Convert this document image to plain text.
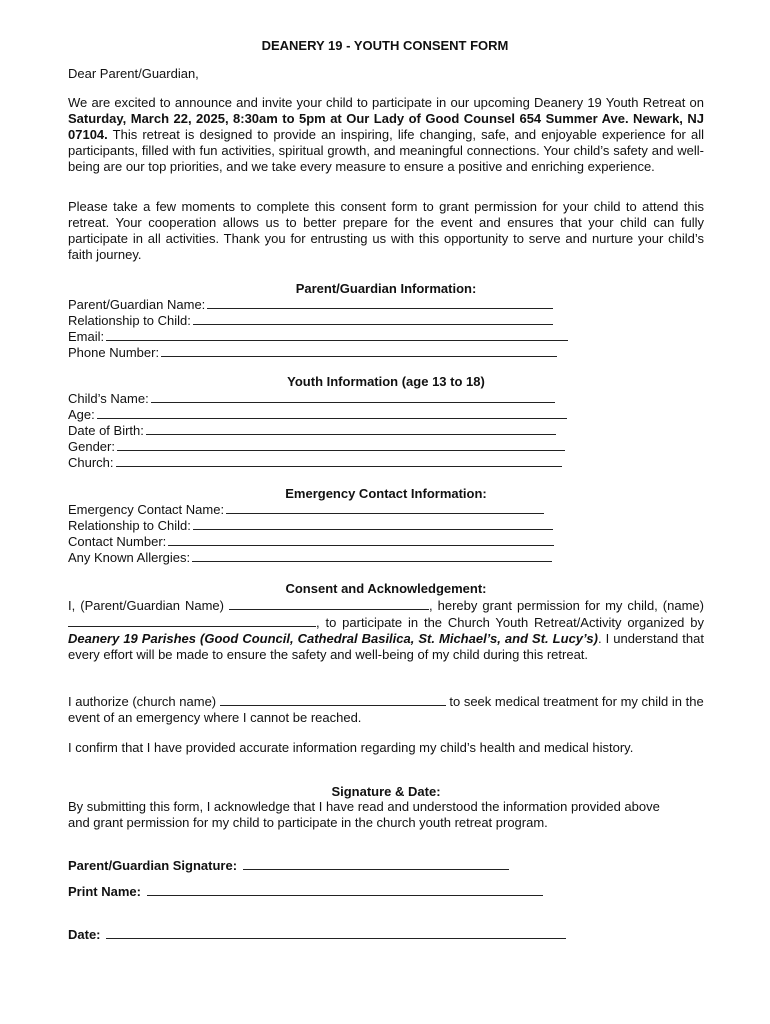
DEANERY 19 - YOUTH CONSENT FORM
Dear Parent/Guardian,
We are excited to announce and invite your child to participate in our upcoming Deanery 19 Youth Retreat on Saturday, March 22, 2025, 8:30am to 5pm at Our Lady of Good Counsel 654 Summer Ave. Newark, NJ 07104. This retreat is designed to provide an inspiring, life changing, safe, and enjoyable experience for all participants, filled with fun activities, spiritual growth, and meaningful connections. Your child’s safety and well-being are our top priorities, and we take every measure to ensure a positive and enriching experience.
Please take a few moments to complete this consent form to grant permission for your child to attend this retreat. Your cooperation allows us to better prepare for the event and ensures that your child can fully participate in all activities. Thank you for entrusting us with this opportunity to serve and nurture your child’s faith journey.
Parent/Guardian Information:
Parent/Guardian Name:
Relationship to Child:
Email:
Phone Number:
Youth Information (age 13 to 18)
Child’s Name:
Age:
Date of Birth:
Gender:
Church:
Emergency Contact Information:
Emergency Contact Name:
Relationship to Child:
Contact Number:
Any Known Allergies:
Consent and Acknowledgement:
I, (Parent/Guardian Name)	, hereby grant permission for my child, (name) , to participate in the Church Youth Retreat/Activity organized by Deanery 19 Parishes (Good Council, Cathedral Basilica, St. Michael’s, and St. Lucy’s). I understand that every effort will be made to ensure the safety and well-being of my child during this retreat.
I authorize (church name)	to seek medical treatment for my child in the event of an emergency where I cannot be reached.
I confirm that I have provided accurate information regarding my child’s health and medical history.
Signature & Date:
By submitting this form, I acknowledge that I have read and understood the information provided above and grant permission for my child to participate in the church youth retreat program.
Parent/Guardian Signature:
Print Name:
Date:
